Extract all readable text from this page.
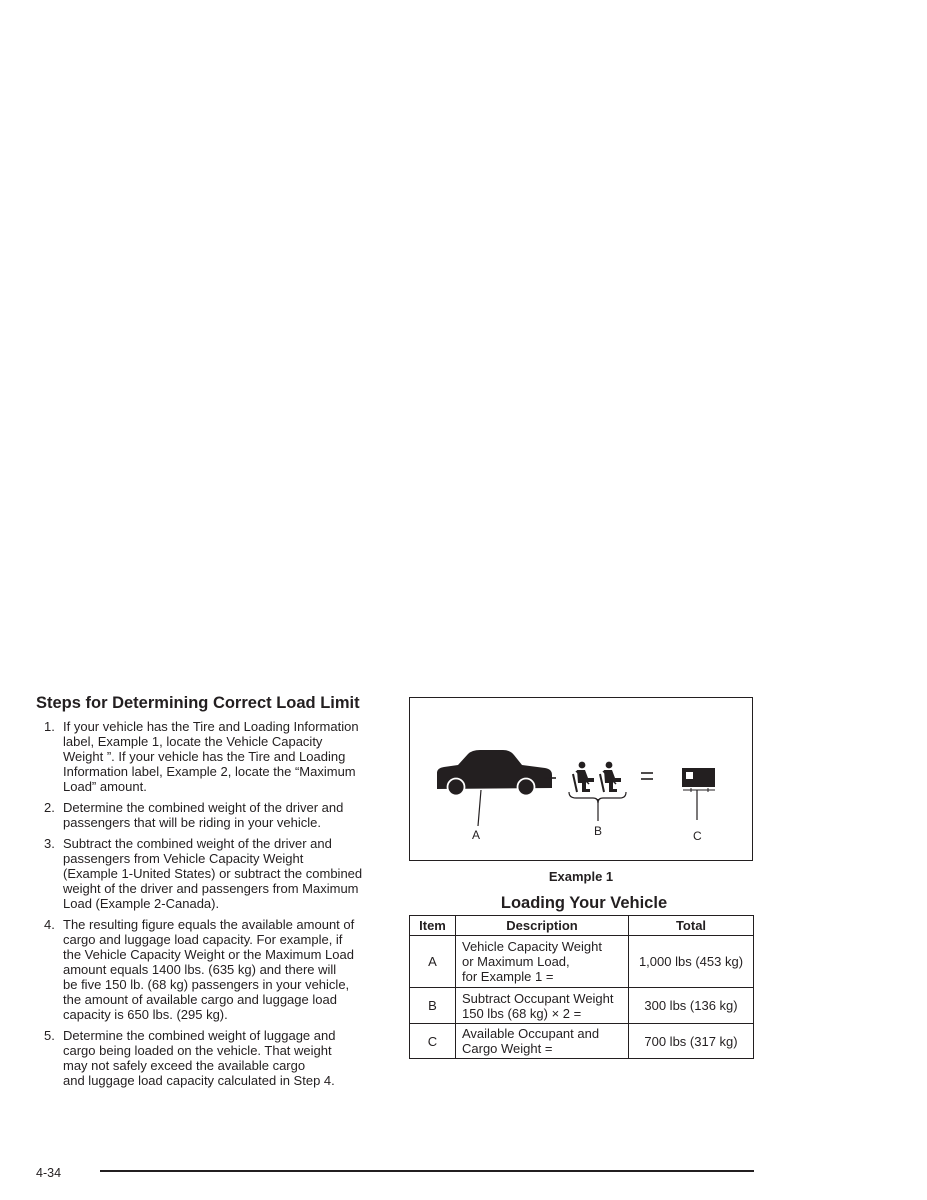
Steps for Determining Correct Load Limit
1. If your vehicle has the Tire and Loading Information
label, Example 1, locate the Vehicle Capacity
Weight ”. If your vehicle has the Tire and Loading
Information label, Example 2, locate the “Maximum
Load” amount.
2. Determine the combined weight of the driver and
passengers that will be riding in your vehicle.
3. Subtract the combined weight of the driver and
passengers from Vehicle Capacity Weight
(Example 1-United States) or subtract the combined
weight of the driver and passengers from Maximum
Load (Example 2-Canada).
4. The resulting figure equals the available amount of
cargo and luggage load capacity. For example, if
the Vehicle Capacity Weight or the Maximum Load
amount equals 1400 lbs. (635 kg) and there will
be five 150 lb. (68 kg) passengers in your vehicle,
the amount of available cargo and luggage load
capacity is 650 lbs. (295 kg).
5. Determine the combined weight of luggage and
cargo being loaded on the vehicle. That weight
may not safely exceed the available cargo
and luggage load capacity calculated in Step 4.
A	B	C
Example 1
Loading Your Vehicle
Item	Description	Total
A	Vehicle Capacity Weight
or Maximum Load,
for Example 1 =	1,000 lbs (453 kg)
B	Subtract Occupant Weight
150 lbs (68 kg) × 2 =	300 lbs (136 kg)
C	Available Occupant and
Cargo Weight =	700 lbs (317 kg)
4-34
